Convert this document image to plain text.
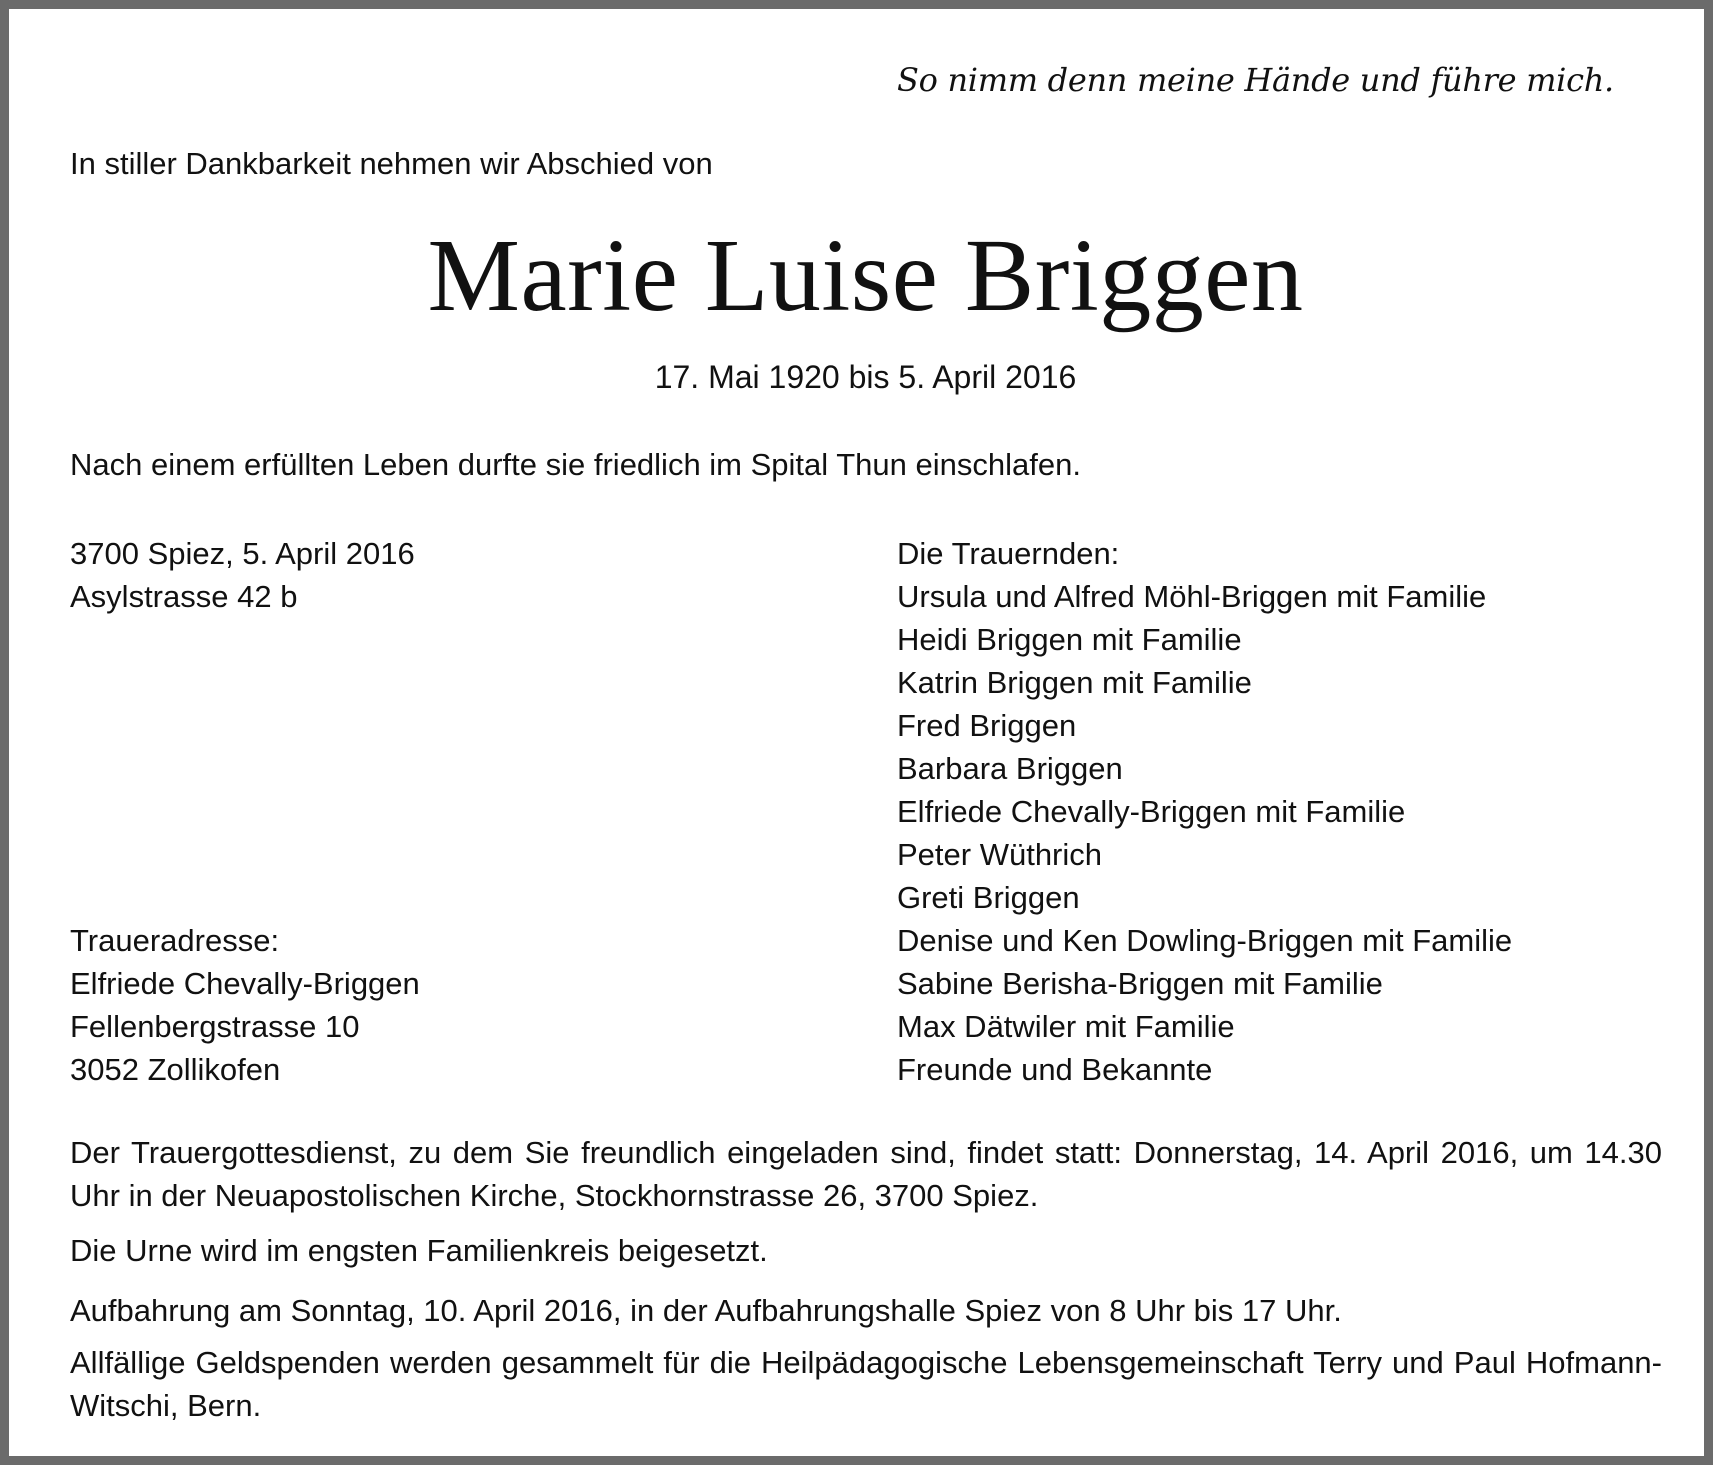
So nimm denn meine Hände und führe mich.
In stiller Dankbarkeit nehmen wir Abschied von
Marie Luise Briggen
17. Mai 1920 bis 5. April 2016
Nach einem erfüllten Leben durfte sie friedlich im Spital Thun einschlafen.
3700 Spiez, 5. April 2016
Asylstrasse 42 b
Traueradresse:
Elfriede Chevally-Briggen
Fellenbergstrasse 10
3052 Zollikofen
Die Trauernden:
Ursula und Alfred Möhl-Briggen mit Familie
Heidi Briggen mit Familie
Katrin Briggen mit Familie
Fred Briggen
Barbara Briggen
Elfriede Chevally-Briggen mit Familie
Peter Wüthrich
Greti Briggen
Denise und Ken Dowling-Briggen mit Familie
Sabine Berisha-Briggen mit Familie
Max Dätwiler mit Familie
Freunde und Bekannte
Der Trauergottesdienst, zu dem Sie freundlich eingeladen sind, findet statt: Donnerstag, 14. April 2016, um 14.30 Uhr in der Neuapostolischen Kirche, Stockhornstrasse 26, 3700 Spiez.
Die Urne wird im engsten Familienkreis beigesetzt.
Aufbahrung am Sonntag, 10. April 2016, in der Aufbahrungshalle Spiez von 8 Uhr bis 17 Uhr.
Allfällige Geldspenden werden gesammelt für die Heilpädagogische Lebensgemeinschaft Terry und Paul Hofmann-Witschi, Bern.
